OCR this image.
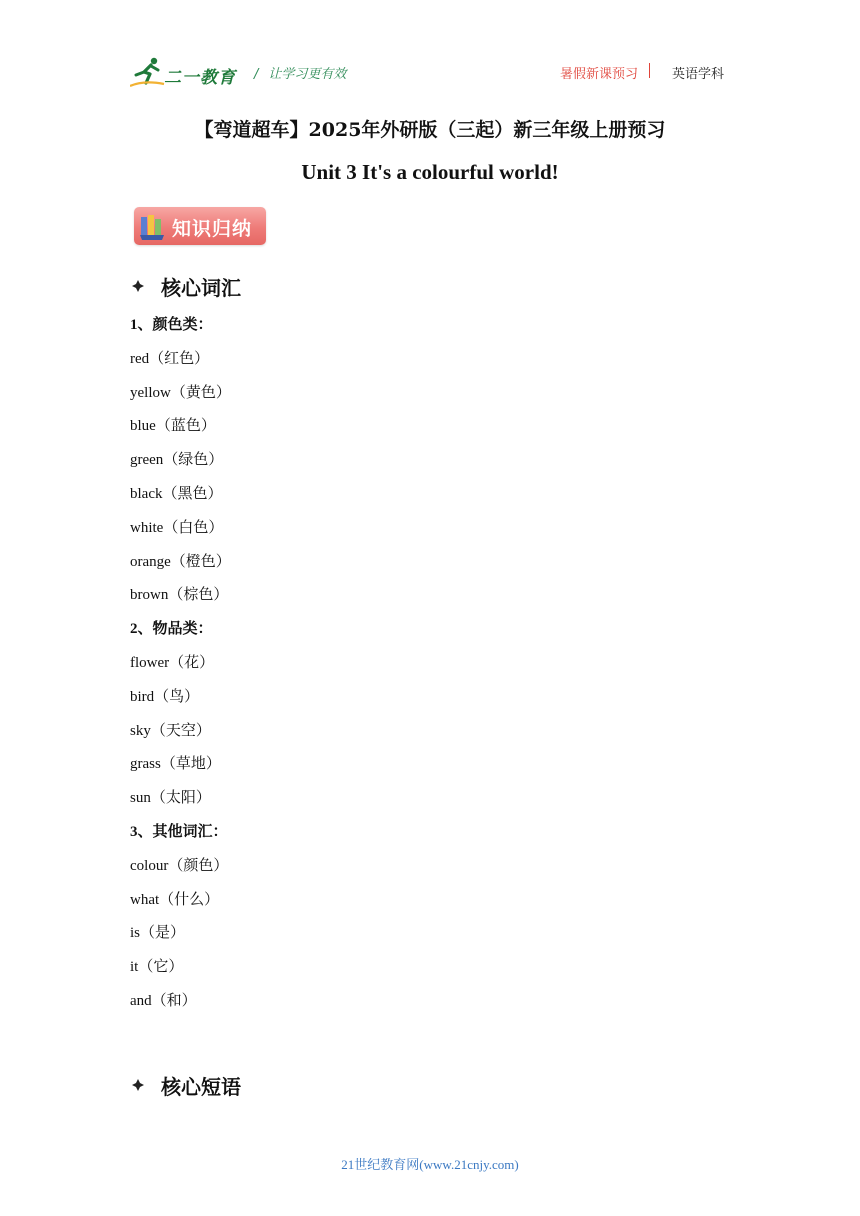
二一教育 / 让学习更有效	暑假新课预习	英语学科
【弯道超车】2025年外研版（三起）新三年级上册预习
Unit 3 It's a colourful world!
知识归纳
核心词汇
1、颜色类：
red（红色）
yellow（黄色）
blue（蓝色）
green（绿色）
black（黑色）
white（白色）
orange（橙色）
brown（棕色）
2、物品类：
flower（花）
bird（鸟）
sky（天空）
grass（草地）
sun（太阳）
3、其他词汇：
colour（颜色）
what（什么）
is（是）
it（它）
and（和）
核心短语
21世纪教育网(www.21cnjy.com)
